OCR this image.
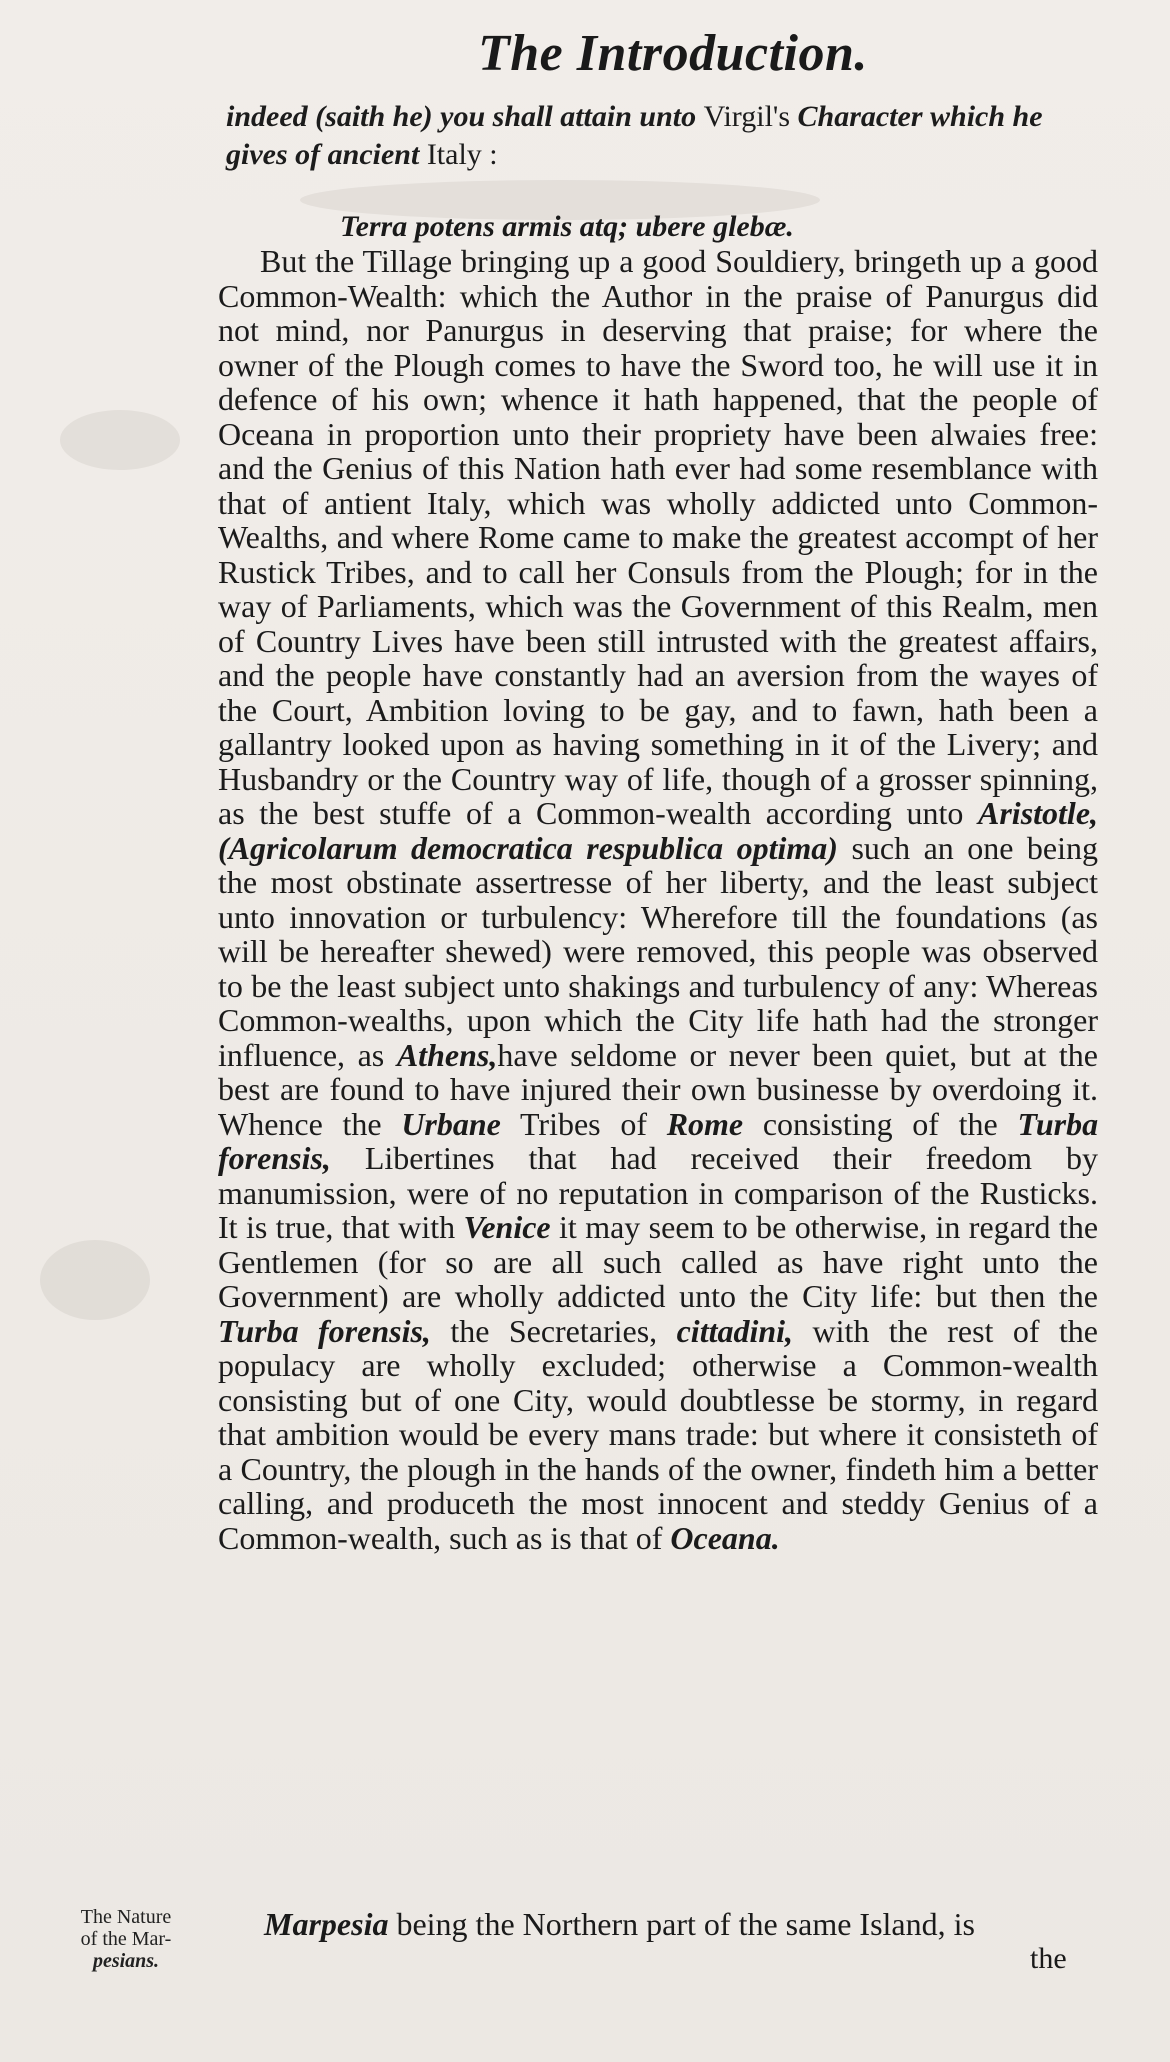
The Introduction.
indeed (saith he) you shall attain unto Virgil's Character which he
gives of ancient Italy :
Terra potens armis atq; ubere glebæ.

But the Tillage bringing up a good Souldiery, bringeth up a good Common-Wealth: which the Author in the praise of Panurgus did not mind, nor Panurgus in deserving that praise; for where the owner of the Plough comes to have the Sword too, he will use it in defence of his own; whence it hath happened, that the people of Oceana in proportion unto their propriety have been alwaies free: and the Genius of this Nation hath ever had some resemblance with that of antient Italy, which was wholly addicted unto Common-Wealths, and where Rome came to make the greatest accompt of her Rustick Tribes, and to call her Consuls from the Plough; for in the way of Parliaments, which was the Government of this Realm, men of Country Lives have been still intrusted with the greatest affairs, and the people have constantly had an aversion from the wayes of the Court, Ambition loving to be gay, and to fawn, hath been a gallantry looked upon as having something in it of the Livery; and Husbandry or the Country way of life, though of a grosser spinning, as the best stuffe of a Common-wealth according unto Aristotle, (Agricolarum democratica respublica optima) such an one being the most obstinate assertresse of her liberty, and the least subject unto innovation or turbulency: Wherefore till the foundations (as will be hereafter shewed) were removed, this people was observed to be the least subject unto shakings and turbulency of any: Whereas Common-wealths, upon which the City life hath had the stronger influence, as Athens,have seldome or never been quiet, but at the best are found to have injured their own businesse by overdoing it. Whence the Urbane Tribes of Rome consisting of the Turba forensis, Libertines that had received their freedom by manumission, were of no reputation in comparison of the Rusticks. It is true, that with Venice it may seem to be otherwise, in regard the Gentlemen (for so are all such called as have right unto the Government) are wholly addicted unto the City life: but then the Turba forensis, the Secretaries, cittadini, with the rest of the populacy are wholly excluded; otherwise a Common-wealth consisting but of one City, would doubtlesse be stormy, in regard that ambition would be every mans trade: but where it consisteth of a Country, the plough in the hands of the owner, findeth him a better calling, and produceth the most innocent and steddy Genius of a Common-wealth, such as is that of Oceana.

The Nature
of the Mar-
pesians.
Marpesia being the Northern part of the same Island, is
the
